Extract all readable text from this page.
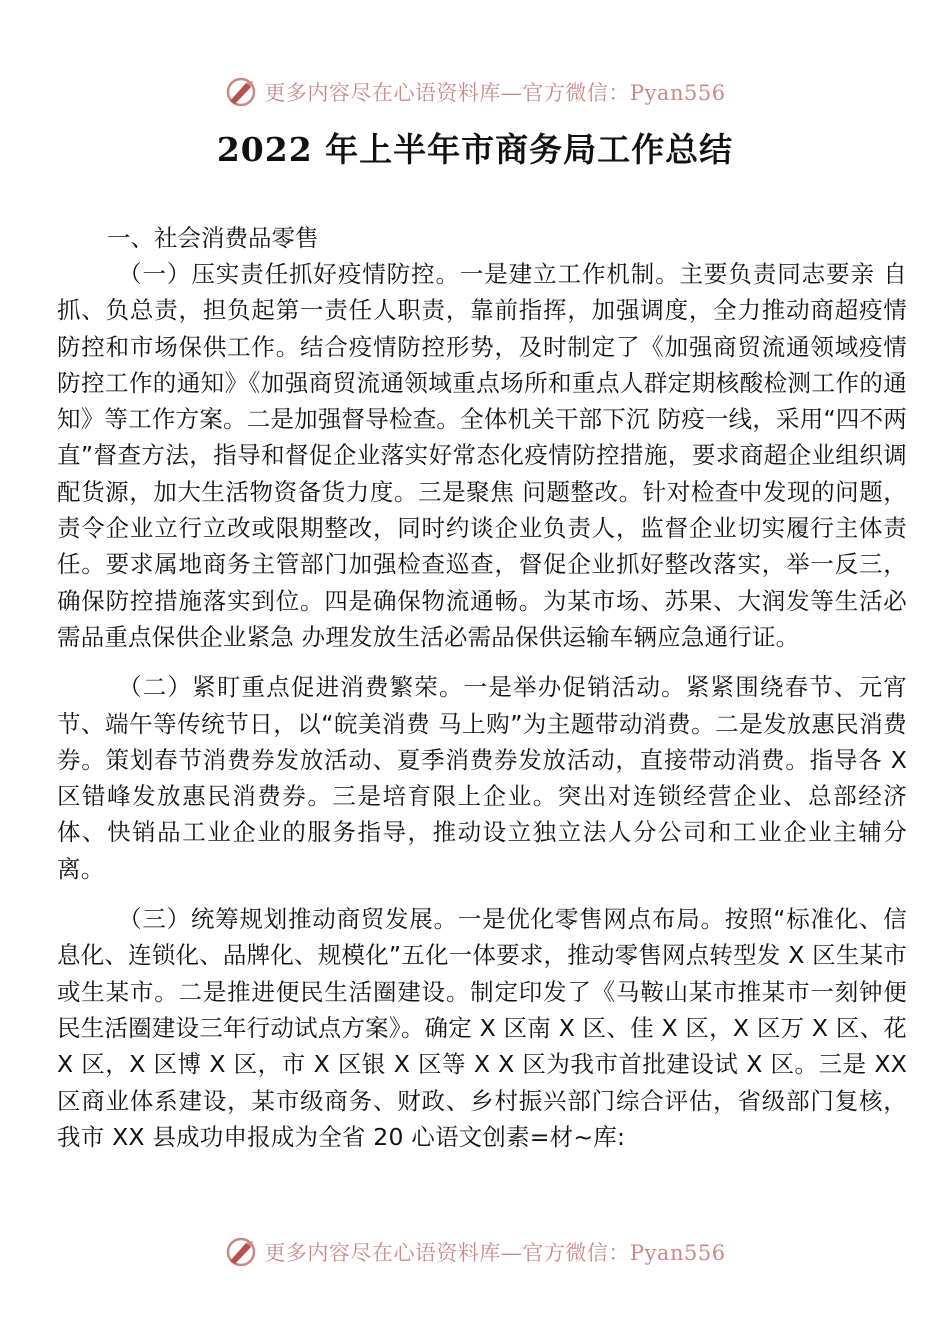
更多内容尽在心语资料库—官方微信：Pyan556
2022 年上半年市商务局工作总结

一、社会消费品零售

（一）压实责任抓好疫情防控。一是建立工作机制。主要负责同志要亲 自抓、负总责，担负起第一责任人职责，靠前指挥，加强调度，全力推动商超疫情防控和市场保供工作。结合疫情防控形势，及时制定了《加强商贸流通领域疫情防控工作的通知》《加强商贸流通领域重点场所和重点人群定期核酸检测工作的通知》等工作方案。二是加强督导检查。全体机关干部下沉 防疫一线，采用“四不两直”督查方法，指导和督促企业落实好常态化疫情防控措施，要求商超企业组织调配货源，加大生活物资备货力度。三是聚焦 问题整改。针对检查中发现的问题，责令企业立行立改或限期整改，同时约谈企业负责人，监督企业切实履行主体责任。要求属地商务主管部门加强检查巡查，督促企业抓好整改落实，举一反三，确保防控措施落实到位。四是确保物流通畅。为某市场、苏果、大润发等生活必需品重点保供企业紧急 办理发放生活必需品保供运输车辆应急通行证。

（二）紧盯重点促进消费繁荣。一是举办促销活动。紧紧围绕春节、元宵节、端午等传统节日，以“皖美消费 马上购”为主题带动消费。二是发放惠民消费券。策划春节消费券发放活动、夏季消费券发放活动，直接带动消费。指导各 X 区错峰发放惠民消费券。三是培育限上企业。突出对连锁经营企业、总部经济体、快销品工业企业的服务指导，推动设立独立法人分公司和工业企业主辅分离。

（三）统筹规划推动商贸发展。一是优化零售网点布局。按照“标准化、信息化、连锁化、品牌化、规模化”五化一体要求，推动零售网点转型发 X 区生某市或生某市。二是推进便民生活圈建设。制定印发了《马鞍山某市推某市一刻钟便民生活圈建设三年行动试点方案》。确定 X 区南 X 区、佳 X 区，X 区万 X 区、花 X 区，X 区博 X 区，市 X 区银 X 区等 X X 区为我市首批建设试 X 区。三是 XX 区商业体系建设，某市级商务、财政、乡村振兴部门综合评估，省级部门复核，我市 XX 县成功申报成为全省 20 心语文创素=材~库:

更多内容尽在心语资料库—官方微信：Pyan556
